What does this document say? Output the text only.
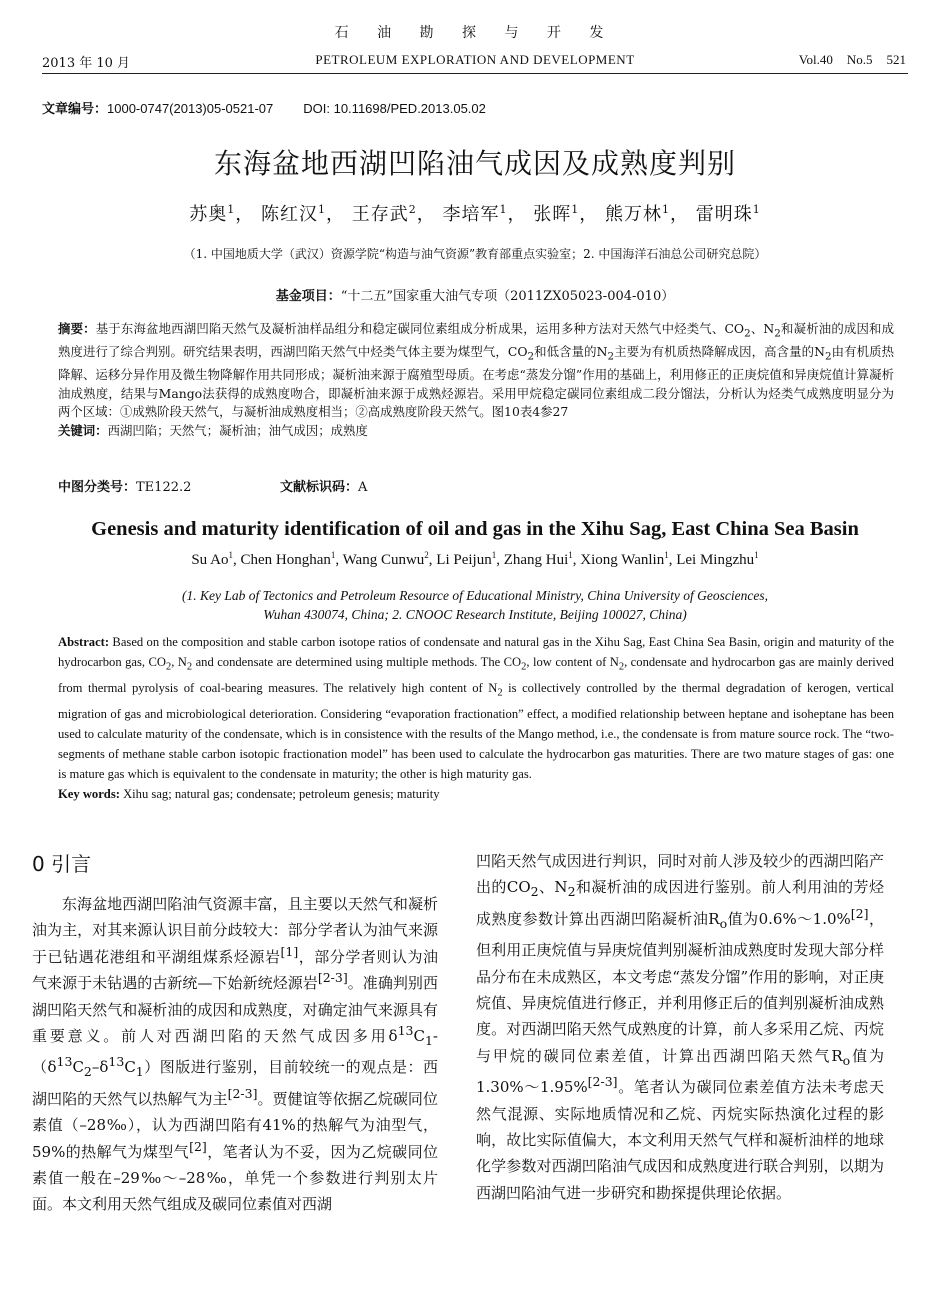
石 油 勘 探 与 开 发
2013 年 10 月	PETROLEUM EXPLORATION AND DEVELOPMENT	Vol.40 No.5 521
文章编号：1000-0747(2013)05-0521-07 DOI: 10.11698/PED.2013.05.02
东海盆地西湖凹陷油气成因及成熟度判别
苏奥$^1$， 陈红汉$^1$， 王存武$^2$， 李培军$^1$， 张晖$^1$， 熊万林$^1$， 雷明珠$^1$
（1. 中国地质大学（武汉）资源学院“构造与油气资源”教育部重点实验室；2. 中国海洋石油总公司研究总院）
基金项目：“十二五”国家重大油气专项（2011ZX05023-004-010）
摘要：基于东海盆地西湖凹陷天然气及凝析油样品组分和稳定碳同位素组成分析成果，运用多种方法对天然气中烃类气、$CO_2$、$N_2$和凝析油的成因和成熟度进行了综合判别。研究结果表明，西湖凹陷天然气中烃类气体主要为煤型气，$CO_2$和低含量的$N_2$主要为有机质热降解成因，高含量的$N_2$由有机质热降解、运移分异作用及微生物降解作用共同形成；凝析油来源于腐殖型母质。在考虑“蒸发分馏”作用的基础上，利用修正的正庚烷值和异庚烷值计算凝析油成熟度，结果与Mango法获得的成熟度吻合，即凝析油来源于成熟烃源岩。采用甲烷稳定碳同位素组成二段分馏法，分析认为烃类气成熟度明显分为两个区域：①成熟阶段天然气，与凝析油成熟度相当；②高成熟度阶段天然气。图10表4参27
关键词：西湖凹陷；天然气；凝析油；油气成因；成熟度
中图分类号：TE122.2	文献标识码：A
Genesis and maturity identification of oil and gas in the Xihu Sag, East China Sea Basin
Su Ao$^1$, Chen Honghan$^1$, Wang Cunwu$^2$, Li Peijun$^1$, Zhang Hui$^1$, Xiong Wanlin$^1$, Lei Mingzhu$^1$
(1. Key Lab of Tectonics and Petroleum Resource of Educational Ministry, China University of Geosciences,
Wuhan 430074, China; 2. CNOOC Research Institute, Beijing 100027, China)
Abstract: Based on the composition and stable carbon isotope ratios of condensate and natural gas in the Xihu Sag, East China Sea Basin, origin and maturity of the hydrocarbon gas, $CO_2$, $N_2$ and condensate are determined using multiple methods. The $CO_2$, low content of $N_2$, condensate and hydrocarbon gas are mainly derived from thermal pyrolysis of coal-bearing measures. The relatively high content of $N_2$ is collectively controlled by the thermal degradation of kerogen, vertical migration of gas and microbiological deterioration. Considering “evaporation fractionation” effect, a modified relationship between heptane and isoheptane has been used to calculate maturity of the condensate, which is in consistence with the results of the Mango method, i.e., the condensate is from mature source rock. The “two-segments of methane stable carbon isotopic fractionation model” has been used to calculate the hydrocarbon gas maturities. There are two mature stages of gas: one is mature gas which is equivalent to the condensate in maturity; the other is high maturity gas.
Key words: Xihu sag; natural gas; condensate; petroleum genesis; maturity
0 引言

东海盆地西湖凹陷油气资源丰富，且主要以天然气和凝析油为主，对其来源认识目前分歧较大：部分学者认为油气来源于已钻遇花港组和平湖组煤系烃源岩[1]，部分学者则认为油气来源于未钻遇的古新统—下始新统烃源岩[2-3]。准确判别西湖凹陷天然气和凝析油的成因和成熟度，对确定油气来源具有重要意义。前人对西湖凹陷的天然气成因多用$\delta^{13}C_1-(\delta^{13}C_2-\delta^{13}C_1)$图版进行鉴别，目前较统一的观点是：西湖凹陷的天然气以热解气为主[2-3]。贾健谊等依据乙烷碳同位素值（–28‰），认为西湖凹陷有41%的热解气为油型气，59%的热解气为煤型气[2]，笔者认为不妥，因为乙烷碳同位素值一般在–29‰～–28‰，单凭一个参数进行判别太片面。本文利用天然气组成及碳同位素值对西湖

凹陷天然气成因进行判识，同时对前人涉及较少的西湖凹陷产出的$CO_2$、$N_2$和凝析油的成因进行鉴别。前人利用油的芳烃成熟度参数计算出西湖凹陷凝析油$R_o$值为0.6%～1.0%[2]，但利用正庚烷值与异庚烷值判别凝析油成熟度时发现大部分样品分布在未成熟区，本文考虑“蒸发分馏”作用的影响，对正庚烷值、异庚烷值进行修正，并利用修正后的值判别凝析油成熟度。对西湖凹陷天然气成熟度的计算，前人多采用乙烷、丙烷与甲烷的碳同位素差值，计算出西湖凹陷天然气$R_o$值为1.30%～1.95%[2-3]。笔者认为碳同位素差值方法未考虑天然气混源、实际地质情况和乙烷、丙烷实际热演化过程的影响，故比实际值偏大，本文利用天然气气样和凝析油样的地球化学参数对西湖凹陷油气成因和成熟度进行联合判别，以期为西湖凹陷油气进一步研究和勘探提供理论依据。
